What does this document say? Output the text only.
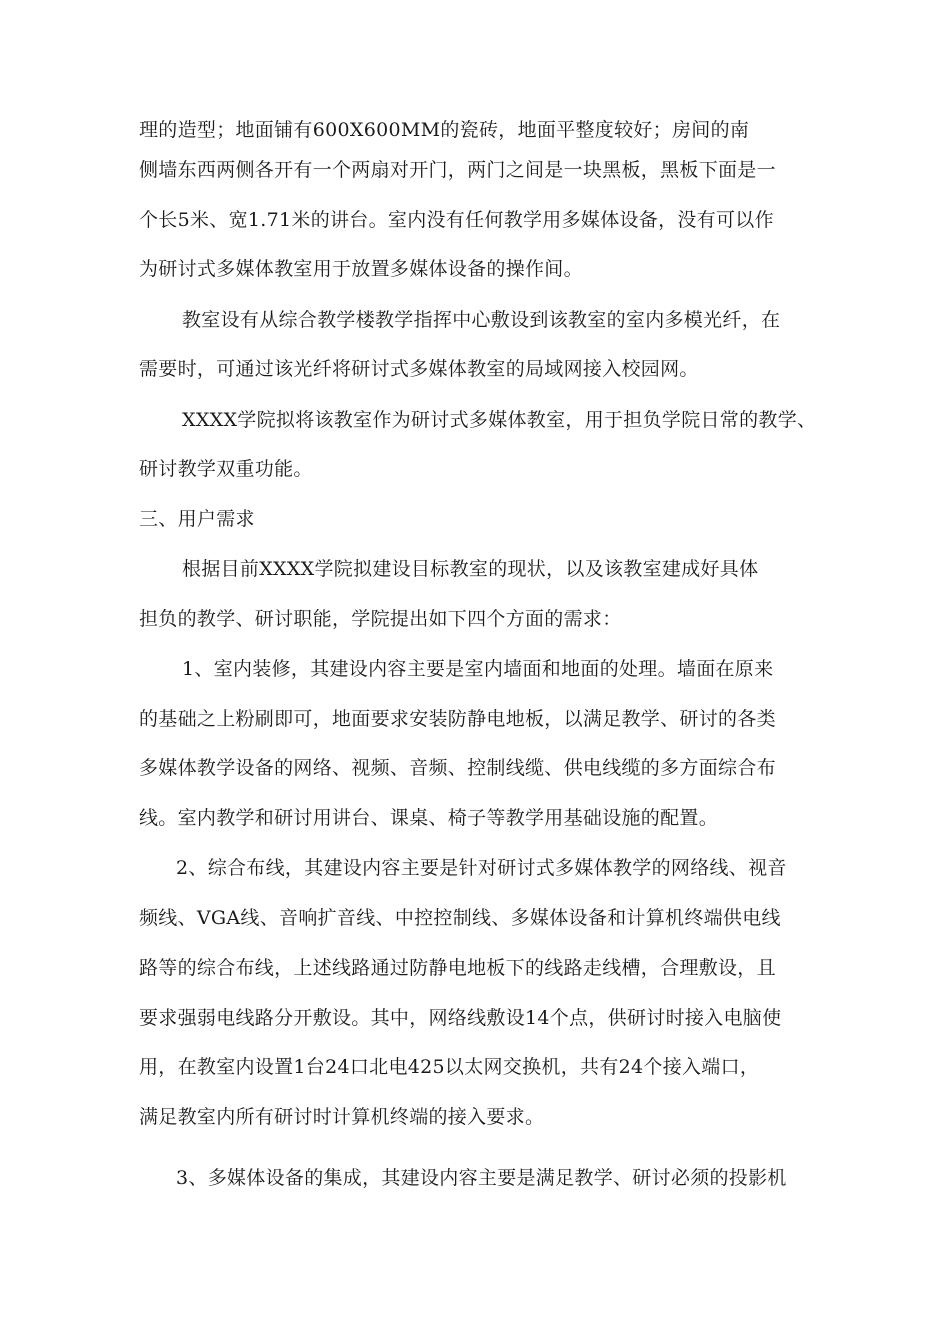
理的造型；地面铺有600X600MM的瓷砖，地面平整度较好；房间的南
侧墙东西两侧各开有一个两扇对开门，两门之间是一块黑板，黑板下面是一
个长5米、宽1.71米的讲台。室内没有任何教学用多媒体设备，没有可以作
为研讨式多媒体教室用于放置多媒体设备的操作间。
教室设有从综合教学楼教学指挥中心敷设到该教室的室内多模光纤，在
需要时，可通过该光纤将研讨式多媒体教室的局域网接入校园网。
XXXX学院拟将该教室作为研讨式多媒体教室，用于担负学院日常的教学、
研讨教学双重功能。
三、用户需求
根据目前XXXX学院拟建设目标教室的现状，以及该教室建成好具体
担负的教学、研讨职能，学院提出如下四个方面的需求：
1、室内装修，其建设内容主要是室内墙面和地面的处理。墙面在原来
的基础之上粉刷即可，地面要求安装防静电地板，以满足教学、研讨的各类
多媒体教学设备的网络、视频、音频、控制线缆、供电线缆的多方面综合布
线。室内教学和研讨用讲台、课桌、椅子等教学用基础设施的配置。
2、综合布线，其建设内容主要是针对研讨式多媒体教学的网络线、视音
频线、VGA线、音响扩音线、中控控制线、多媒体设备和计算机终端供电线
路等的综合布线，上述线路通过防静电地板下的线路走线槽，合理敷设，且
要求强弱电线路分开敷设。其中，网络线敷设14个点，供研讨时接入电脑使
用，在教室内设置1台24口北电425以太网交换机，共有24个接入端口，
满足教室内所有研讨时计算机终端的接入要求。
3、多媒体设备的集成，其建设内容主要是满足教学、研讨必须的投影机
